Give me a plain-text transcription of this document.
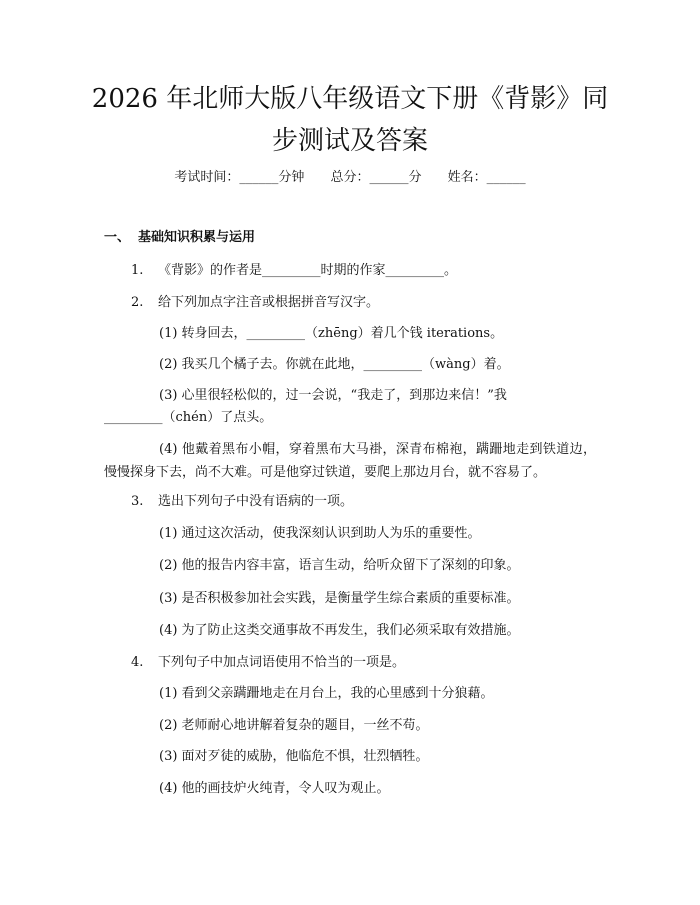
2026 年北师大版八年级语文下册《背影》同
步测试及答案
考试时间：______分钟 总分：______分 姓名：______
一、 基础知识积累与运用
1. 《背影》的作者是_________时期的作家_________。
2. 给下列加点字注音或根据拼音写汉字。
(1) 转身回去，_________（zhēng）着几个钱 iterations。
(2) 我买几个橘子去。你就在此地，_________（wàng）着。
(3) 心里很轻松似的，过一会说，“我走了，到那边来信！”我
_________（chén）了点头。
(4) 他戴着黑布小帽，穿着黑布大马褂，深青布棉袍，蹒跚地走到铁道边，慢慢探身下去，尚不大难。可是他穿过铁道，要爬上那边月台，就不容易了。
3. 选出下列句子中没有语病的一项。
(1) 通过这次活动，使我深刻认识到助人为乐的重要性。
(2) 他的报告内容丰富，语言生动，给听众留下了深刻的印象。
(3) 是否积极参加社会实践，是衡量学生综合素质的重要标准。
(4) 为了防止这类交通事故不再发生，我们必须采取有效措施。
4. 下列句子中加点词语使用不恰当的一项是。
(1) 看到父亲蹒跚地走在月台上，我的心里感到十分狼藉。
(2) 老师耐心地讲解着复杂的题目，一丝不苟。
(3) 面对歹徒的威胁，他临危不惧，壮烈牺牲。
(4) 他的画技炉火纯青，令人叹为观止。
